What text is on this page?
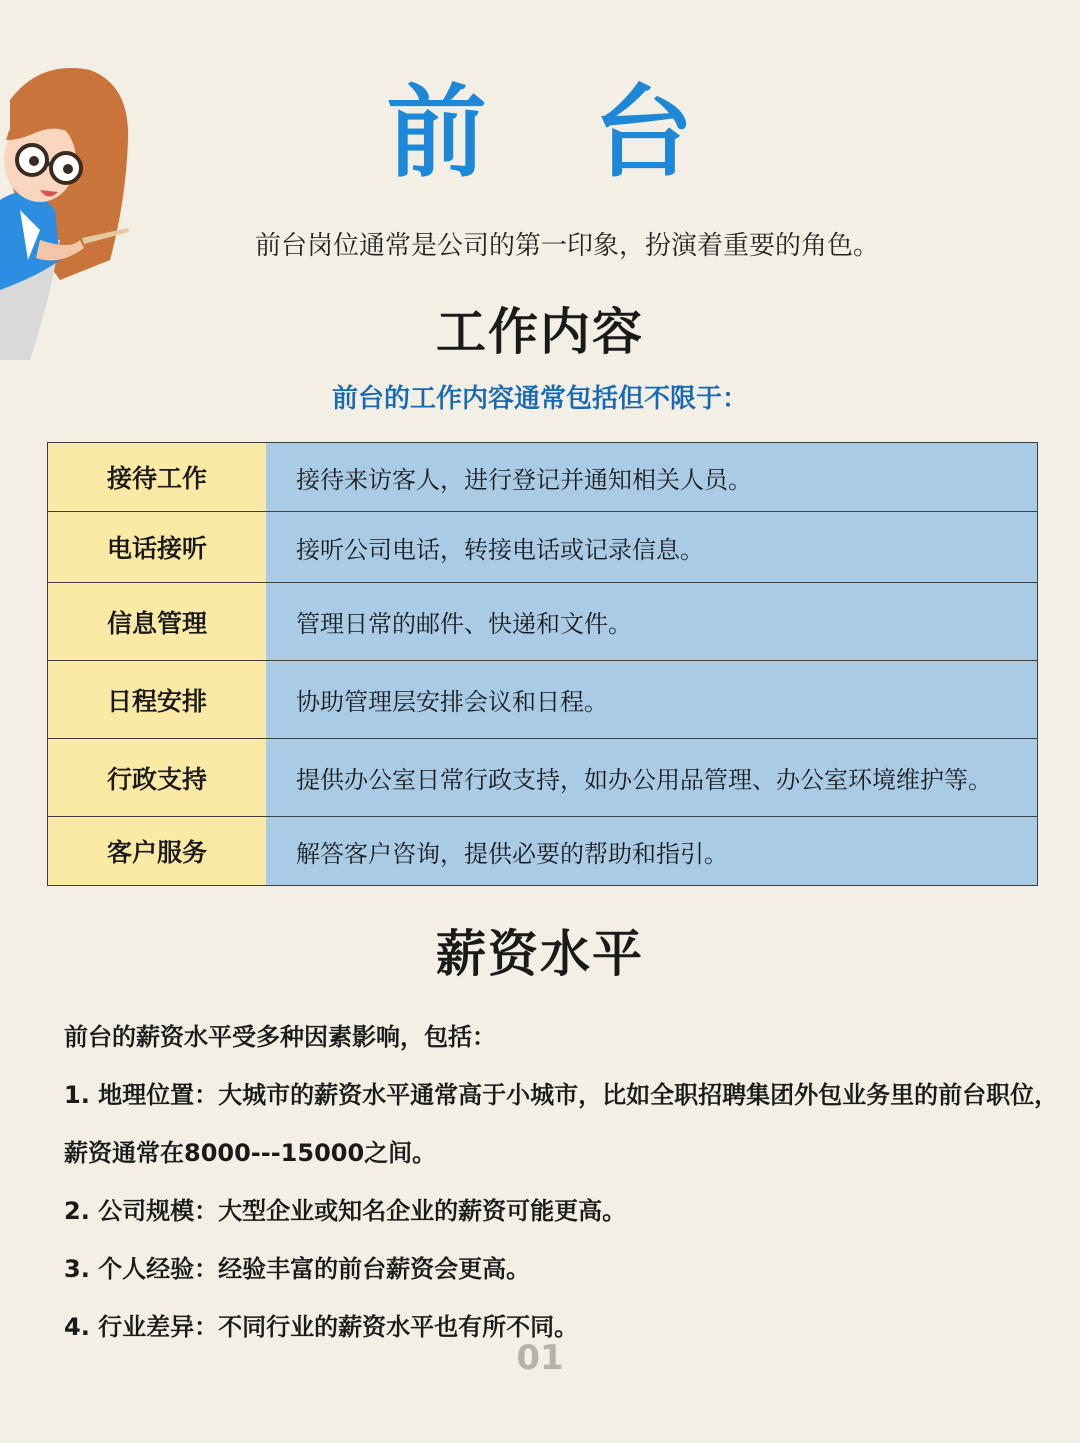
前 台
前台岗位通常是公司的第一印象，扮演着重要的角色。
工作内容
前台的工作内容通常包括但不限于：
接待工作	接待来访客人，进行登记并通知相关人员。
电话接听	接听公司电话，转接电话或记录信息。
信息管理	管理日常的邮件、快递和文件。
日程安排	协助管理层安排会议和日程。
行政支持	提供办公室日常行政支持，如办公用品管理、办公室环境维护等。
客户服务	解答客户咨询，提供必要的帮助和指引。
薪资水平

前台的薪资水平受多种因素影响，包括：

1. 地理位置：大城市的薪资水平通常高于小城市，比如全职招聘集团外包业务里的前台职位，薪资通常在8000---15000之间。

2. 公司规模：大型企业或知名企业的薪资可能更高。

3. 个人经验：经验丰富的前台薪资会更高。

4. 行业差异：不同行业的薪资水平也有所不同。

01
